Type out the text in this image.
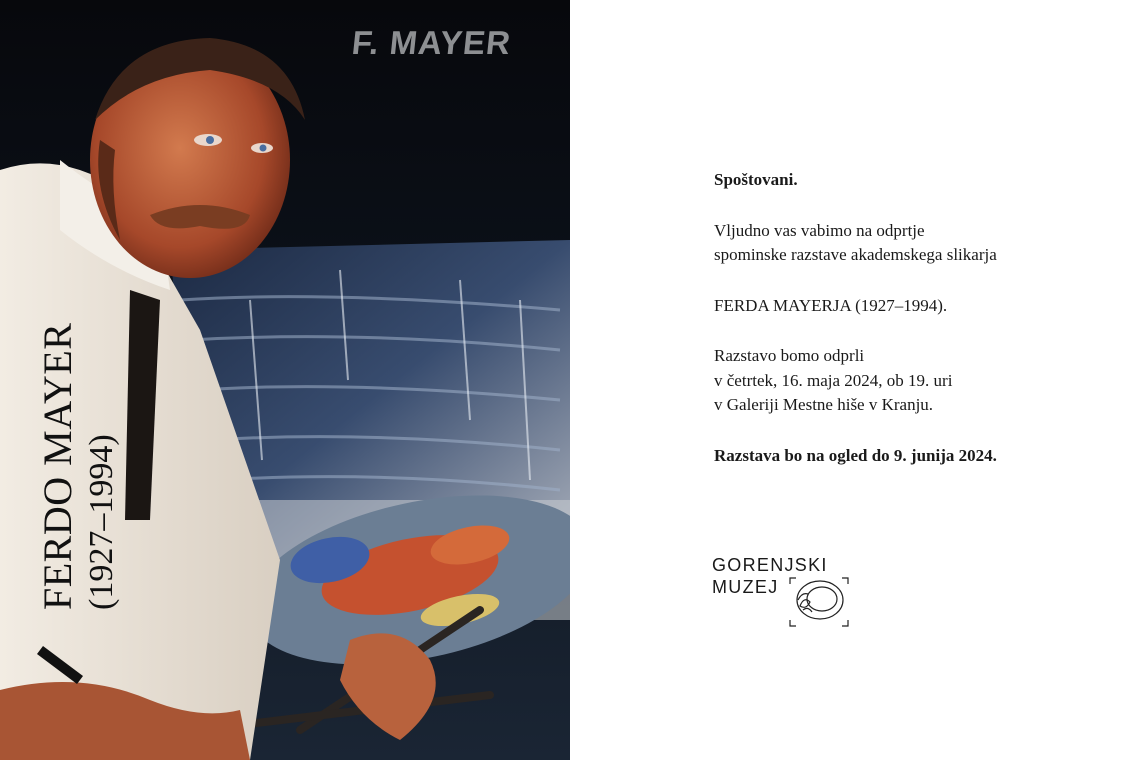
F. MAYER
FERDO MAYER (1927–1994)

Spoštovani.

Vljudno vas vabimo na odprtje

spominske razstave akademskega slikarja

FERDA MAYERJA (1927–1994).

Razstavo bomo odprli

v četrtek, 16. maja 2024, ob 19. uri

v Galeriji Mestne hiše v Kranju.

Razstava bo na ogled do 9. junija 2024.

GORENJSKI
MUZEJ
